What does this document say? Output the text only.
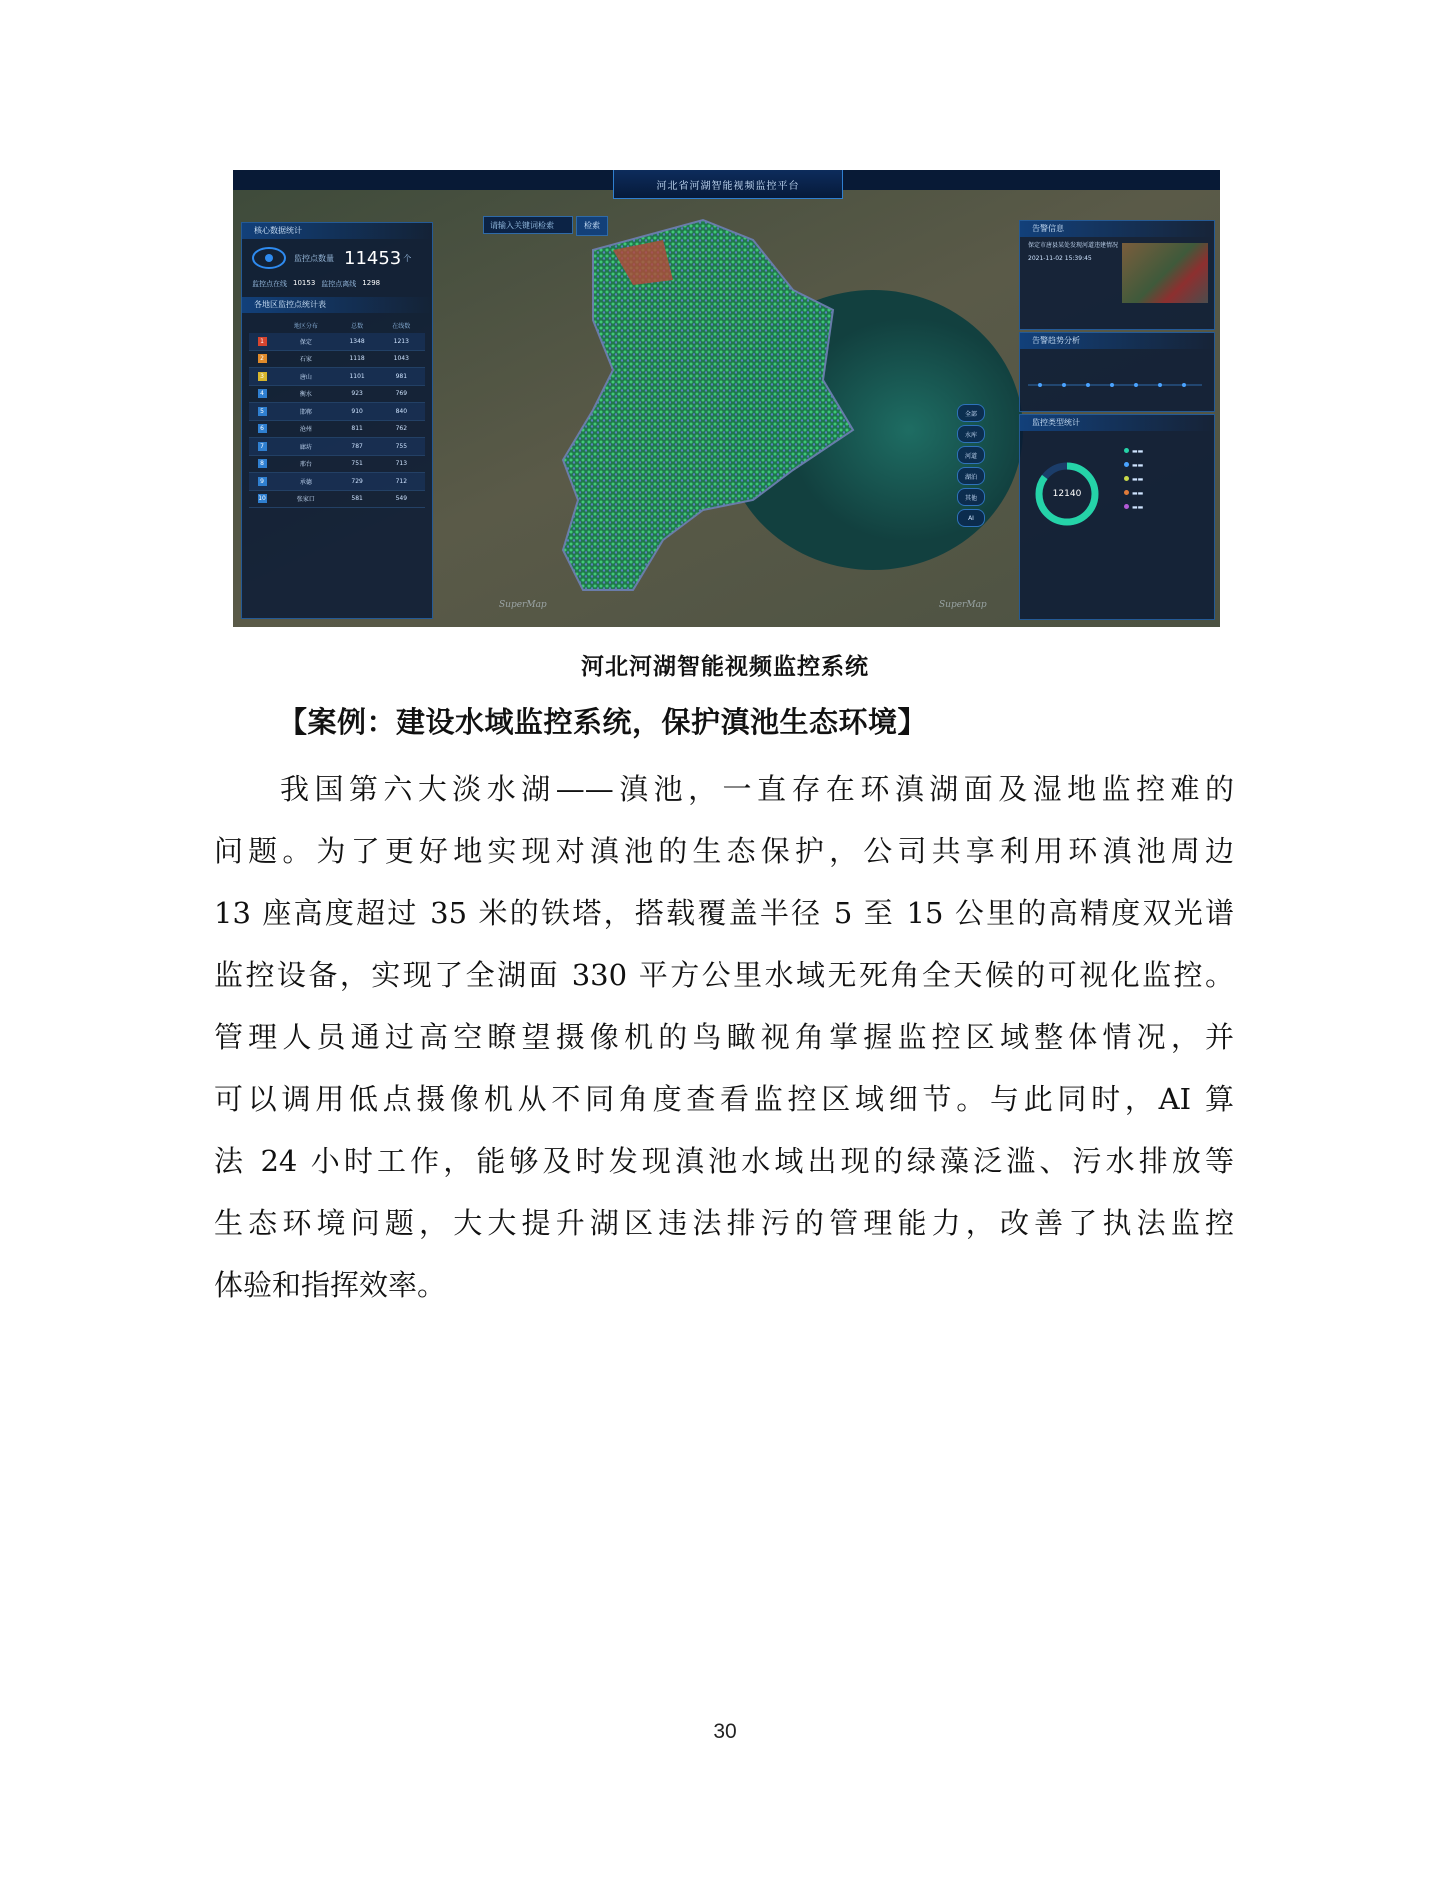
河北省河湖智能视频监控平台
请输入关键词检索	检索
核心数据统计
监控点数量 11453 个
监控点在线 10153 监控点离线 1298
各地区监控点统计表
	地区分布	总数	在线数
1	保定	1348	1213
2	石家	1118	1043
3	唐山	1101	981
4	衡水	923	769
5	邯郸	910	840
6	沧州	811	762
7	廊坊	787	755
8	邢台	751	713
9	承德	729	712
10	张家口	581	549
告警信息
保定市唐县某处发现河道违建情况
2021-11-02 15:39:45
告警趋势分析
监控类型统计
12140
▬▬
▬▬
▬▬
▬▬
▬▬
全部
水库
河道
湖泊
其他
AI
SuperMap	SuperMap
河北河湖智能视频监控系统
【案例：建设水域监控系统，保护滇池生态环境】
我国第六大淡水湖——滇池，一直存在环滇湖面及湿地监控难的
问题。为了更好地实现对滇池的生态保护，公司共享利用环滇池周边
13 座高度超过 35 米的铁塔，搭载覆盖半径 5 至 15 公里的高精度双光谱
监控设备，实现了全湖面 330 平方公里水域无死角全天候的可视化监控。
管理人员通过高空瞭望摄像机的鸟瞰视角掌握监控区域整体情况，并
可以调用低点摄像机从不同角度查看监控区域细节。与此同时，AI 算
法 24 小时工作，能够及时发现滇池水域出现的绿藻泛滥、污水排放等
生态环境问题，大大提升湖区违法排污的管理能力，改善了执法监控
体验和指挥效率。
30
